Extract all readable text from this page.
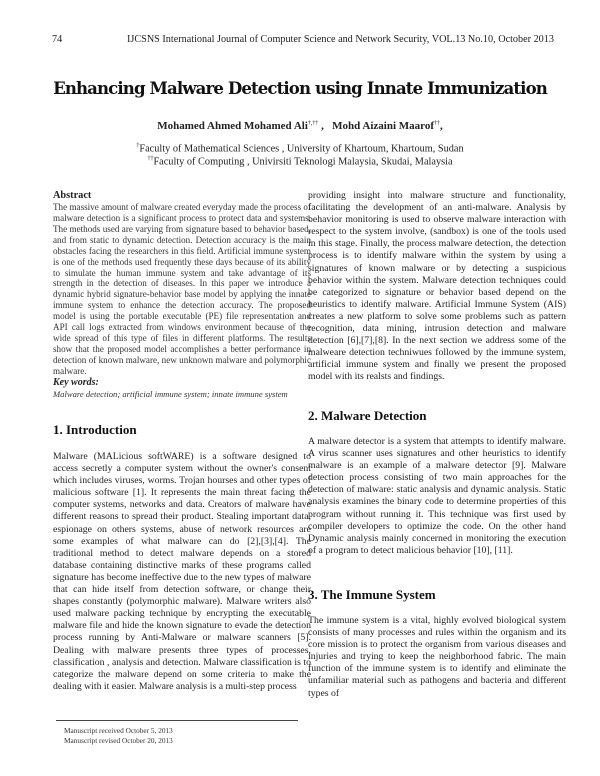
74	IJCSNS International Journal of Computer Science and Network Security, VOL.13 No.10, October 2013
Enhancing Malware Detection using Innate Immunization
Mohamed Ahmed Mohamed Ali†,†† ,   Mohd Aizaini Maarof††,
†Faculty of Mathematical Sciences , University of Khartoum, Khartoum, Sudan
††Faculty of Computing , Univirsiti Teknologi Malaysia, Skudai, Malaysia

Abstract

The massive amount of malware created everyday made the process of malware detection is a significant process to protect data and systems. The methods used are varying from signature based to behavior based, and from static to dynamic detection. Detection accuracy is the main obstacles facing the researchers in this field. Artificial immune system is one of the methods used frequently these days because of its ability to simulate the human immune system and take advantage of its strength in the detection of diseases. In this paper we introduce a dynamic hybrid signature-behavior base model by applying the innate immune system to enhance the detection accuracy. The proposed model is using the portable executable (PE) file representation and API call logs extracted from windows environment because of the wide spread of this type of files in different platforms. The results show that the proposed model accomplishes a better performance in detection of known malware, new unknown malware and polymorphic malware.

Key words:

Malware detection; artificial immune system; innate immune system

1. Introduction

Malware (MALicious softWARE) is a software designed to access secretly a computer system without the owner's consent which includes viruses, worms. Trojan hourses and other types of malicious software [1]. It represents the main threat facing the computer systems, networks and data. Creators of malware have different reasons to spread their product. Stealing important data, espionage on others systems, abuse of network resources are some examples of what malware can do [2],[3],[4]. The traditional method to detect malware depends on a stored database containing distinctive marks of these programs called signature has become ineffective due to the new types of malware that can hide itself from detection software, or change their shapes constantly (polymorphic malware). Malware writers also used malware packing technique by encrypting the executable malware file and hide the known signature to evade the detection process running by Anti-Malware or malware scanners [5]. Dealing with malware presents three types of processes, classification , analysis and detection. Malware classification is to categorize the malware depend on some criteria to make the dealing with it easier. Malware analysis is a multi-step process

Manuscript received October 5, 2013
Manuscript revised October 20, 2013

providing insight into malware structure and functionality, facilitating the development of an anti-malware. Analysis by behavior monitoring is used to observe malware interaction with respect to the system involve, (sandbox) is one of the tools used in this stage. Finally, the process malware detection, the detection process is to identify malware within the system by using a signatures of known malware or by detecting a suspicious behavior within the system. Malware detection techniques could be categorized to signature or behavior based depend on the heuristics to identify malware. Artificial Immune System (AIS) creates a new platform to solve some problems such as pattern recognition, data mining, intrusion detection and malware detection [6],[7],[8]. In the next section we address some of the malweare detection techniwues followed by the immune system, artificial immune system and finally we present the proposed model with its realsts and findings.

2. Malware Detection

A malware detector is a system that attempts to identify malware. A virus scanner uses signatures and other heuristics to identify malware is an example of a malware detector [9]. Malware detection process consisting of two main approaches for the detection of malware: static analysis and dynamic analysis. Static analysis examines the binary code to determine properties of this program without running it. This technique was first used by compiler developers to optimize the code. On the other hand Dynamic analysis mainly concerned in monitoring the execution of a program to detect malicious behavior [10], [11].

3. The Immune System

The immune system is a vital, highly evolved biological system consists of many processes and rules within the organism and its core mission is to protect the organism from various diseases and injuries and trying to keep the neighborhood fabric. The main function of the immune system is to identify and eliminate the unfamiliar material such as pathogens and bacteria and different types of
